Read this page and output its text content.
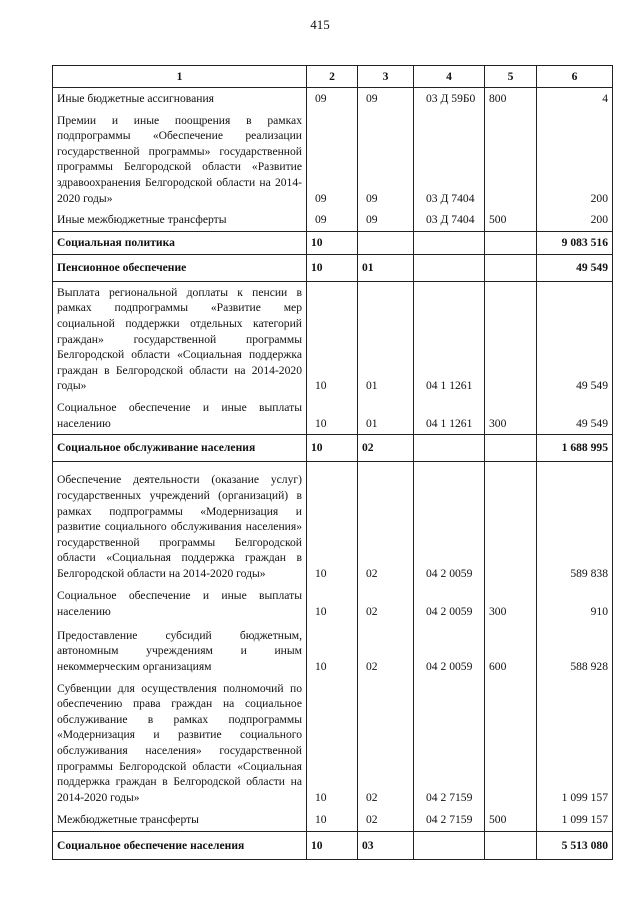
415
1	2	3	4	5	6
Иные бюджетные ассигнования	09	09	03 Д 59Б0	800	4
Премии и иные поощрения в рамках подпрограммы «Обеспечение реализации государственной программы» государственной программы Белгородской области «Развитие здравоохранения Белгородской области на 2014-2020 годы»	09	09	03 Д 7404		200
Иные межбюджетные трансферты	09	09	03 Д 7404	500	200
Социальная политика	10				9 083 516
Пенсионное обеспечение	10	01			49 549
Выплата региональной доплаты к пенсии в рамках подпрограммы «Развитие мер социальной поддержки отдельных категорий граждан» государственной программы Белгородской области «Социальная поддержка граждан в Белгородской области на 2014-2020 годы»	10	01	04 1 1261		49 549
Социальное обеспечение и иные выплаты населению	10	01	04 1 1261	300	49 549
Социальное обслуживание населения	10	02			1 688 995
Обеспечение деятельности (оказание услуг) государственных учреждений (организаций) в рамках подпрограммы «Модернизация и развитие социального обслуживания населения» государственной программы Белгородской области «Социальная поддержка граждан в Белгородской области на 2014-2020 годы»	10	02	04 2 0059		589 838
Социальное обеспечение и иные выплаты населению	10	02	04 2 0059	300	910
Предоставление субсидий бюджетным, автономным учреждениям и иным некоммерческим организациям	10	02	04 2 0059	600	588 928
Субвенции для осуществления полномочий по обеспечению права граждан на социальное обслуживание в рамках подпрограммы «Модернизация и развитие социального обслуживания населения» государственной программы Белгородской области «Социальная поддержка граждан в Белгородской области на 2014-2020 годы»	10	02	04 2 7159		1 099 157
Межбюджетные трансферты	10	02	04 2 7159	500	1 099 157
Социальное обеспечение населения	10	03			5 513 080
